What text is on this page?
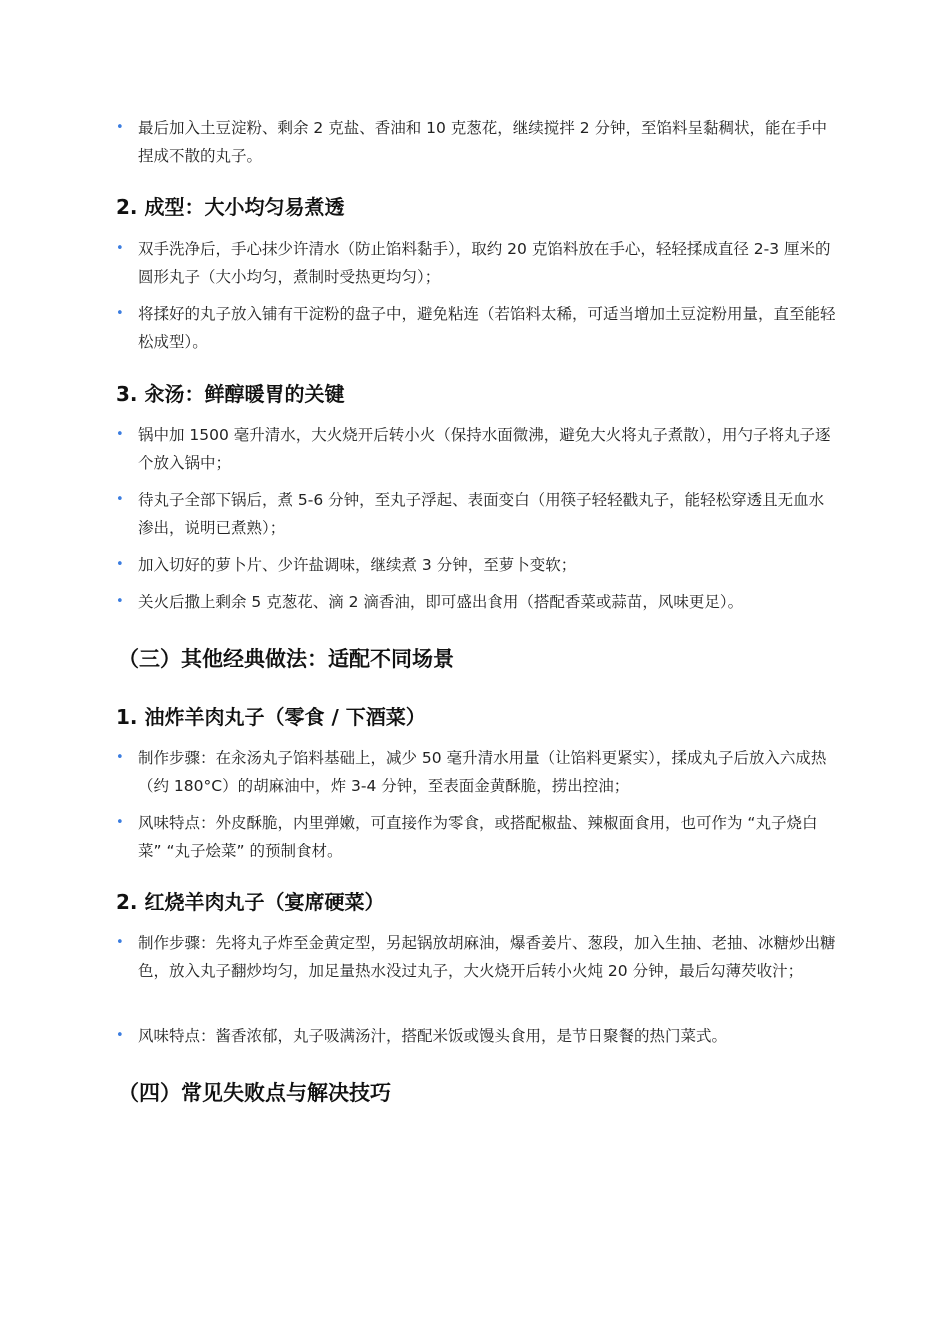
• 最后加入土豆淀粉、剩余 2 克盐、香油和 10 克葱花，继续搅拌 2 分钟，至馅料呈黏稠状，能在手中捏成不散的丸子。
2. 成型：大小均匀易煮透
• 双手洗净后，手心抹少许清水（防止馅料黏手），取约 20 克馅料放在手心，轻轻揉成直径 2-3 厘米的圆形丸子（大小均匀，煮制时受热更均匀）；
• 将揉好的丸子放入铺有干淀粉的盘子中，避免粘连（若馅料太稀，可适当增加土豆淀粉用量，直至能轻松成型）。
3. 汆汤：鲜醇暖胃的关键
• 锅中加 1500 毫升清水，大火烧开后转小火（保持水面微沸，避免大火将丸子煮散），用勺子将丸子逐个放入锅中；
• 待丸子全部下锅后，煮 5-6 分钟，至丸子浮起、表面变白（用筷子轻轻戳丸子，能轻松穿透且无血水渗出，说明已煮熟）；
• 加入切好的萝卜片、少许盐调味，继续煮 3 分钟，至萝卜变软；
• 关火后撒上剩余 5 克葱花、滴 2 滴香油，即可盛出食用（搭配香菜或蒜苗，风味更足）。
（三）其他经典做法：适配不同场景
1. 油炸羊肉丸子（零食 / 下酒菜）
• 制作步骤：在汆汤丸子馅料基础上，减少 50 毫升清水用量（让馅料更紧实），揉成丸子后放入六成热（约 180°C）的胡麻油中，炸 3-4 分钟，至表面金黄酥脆，捞出控油；
• 风味特点：外皮酥脆，内里弹嫩，可直接作为零食，或搭配椒盐、辣椒面食用，也可作为 “丸子烧白菜” “丸子烩菜” 的预制食材。
2. 红烧羊肉丸子（宴席硬菜）
• 制作步骤：先将丸子炸至金黄定型，另起锅放胡麻油，爆香姜片、葱段，加入生抽、老抽、冰糖炒出糖色，放入丸子翻炒均匀，加足量热水没过丸子，大火烧开后转小火炖 20 分钟，最后勾薄芡收汁；
• 风味特点：酱香浓郁，丸子吸满汤汁，搭配米饭或馒头食用，是节日聚餐的热门菜式。
（四）常见失败点与解决技巧
